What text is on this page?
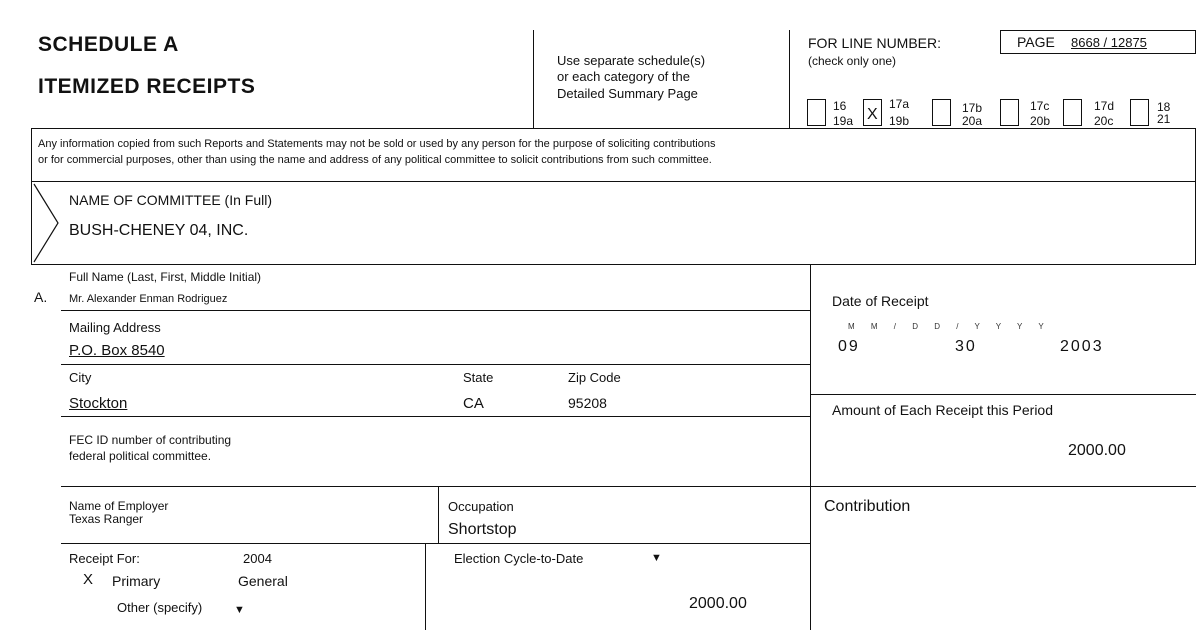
SCHEDULE A
ITEMIZED RECEIPTS
Use separate schedule(s)
or each category of the
Detailed Summary Page
FOR LINE NUMBER:
(check only one)
PAGE 8668 / 12875
16
19a X
17a
19b
17b
20a
17c
20b
17d
20c
18
21
Any information copied from such Reports and Statements may not be sold or used by any person for the purpose of soliciting contributions
or for commercial purposes, other than using the name and address of any political committee to solicit contributions from such committee.
NAME OF COMMITTEE (In Full)
BUSH-CHENEY 04, INC.
A.
Full Name (Last, First, Middle Initial)
Mr. Alexander Enman Rodriguez
Mailing Address
P.O. Box 8540
City	State	Zip Code
Stockton	CA	95208
FEC ID number of contributing
federal political committee.
Name of Employer
Texas Ranger
Occupation
Shortstop
Receipt For:	2004
X Primary	General
Other (specify)	▼
Election Cycle-to-Date	▼
2000.00
Date of Receipt
M M / D D / Y Y Y Y
09	30	2003
Amount of Each Receipt this Period
2000.00
Contribution
